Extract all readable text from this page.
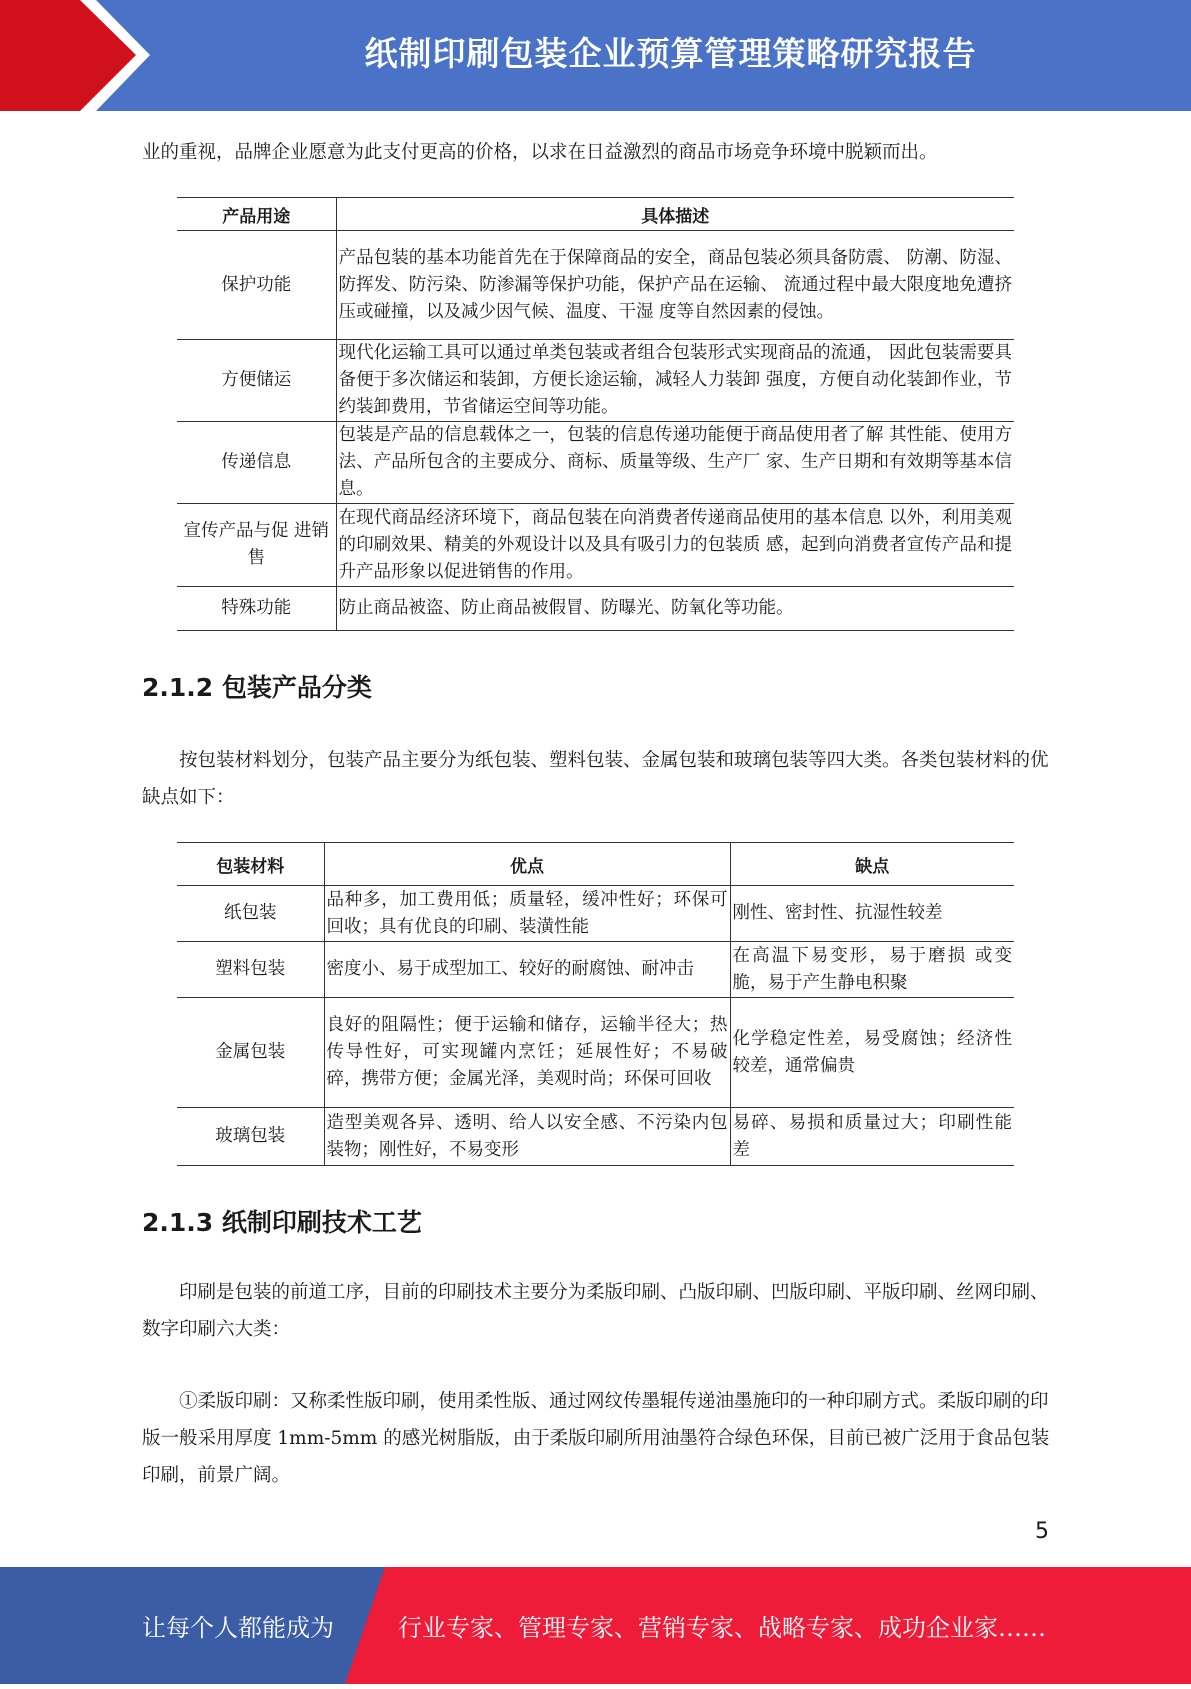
纸制印刷包装企业预算管理策略研究报告

业的重视，品牌企业愿意为此支付更高的价格，以求在日益激烈的商品市场竞争环境中脱颖而出。

产品用途	具体描述
保护功能	产品包装的基本功能首先在于保障商品的安全，商品包装必须具备防震、 防潮、防湿、防挥发、防污染、防渗漏等保护功能，保护产品在运输、 流通过程中最大限度地免遭挤压或碰撞，以及减少因气候、温度、干湿 度等自然因素的侵蚀。
方便储运	现代化运输工具可以通过单类包装或者组合包装形式实现商品的流通， 因此包装需要具备便于多次储运和装卸，方便长途运输，减轻人力装卸 强度，方便自动化装卸作业，节约装卸费用，节省储运空间等功能。
传递信息	包装是产品的信息载体之一，包装的信息传递功能便于商品使用者了解 其性能、使用方法、产品所包含的主要成分、商标、质量等级、生产厂 家、生产日期和有效期等基本信息。
宣传产品与促 进销售	在现代商品经济环境下，商品包装在向消费者传递商品使用的基本信息 以外，利用美观的印刷效果、精美的外观设计以及具有吸引力的包装质 感，起到向消费者宣传产品和提升产品形象以促进销售的作用。
特殊功能	防止商品被盗、防止商品被假冒、防曝光、防氧化等功能。
2.1.2 包装产品分类

按包装材料划分，包装产品主要分为纸包装、塑料包装、金属包装和玻璃包装等四大类。各类包装材料的优缺点如下：

包装材料	优点	缺点
纸包装	品种多，加工费用低；质量轻，缓冲性好；环保可回收；具有优良的印刷、装潢性能	刚性、密封性、抗湿性较差
塑料包装	密度小、易于成型加工、较好的耐腐蚀、耐冲击	在高温下易变形，易于磨损 或变脆，易于产生静电积聚
金属包装	良好的阻隔性；便于运输和储存，运输半径大；热传导性好，可实现罐内烹饪；延展性好；不易破碎，携带方便；金属光泽，美观时尚；环保可回收	化学稳定性差，易受腐蚀；经济性较差，通常偏贵
玻璃包装	造型美观各异、透明、给人以安全感、不污染内包装物；刚性好，不易变形	易碎、易损和质量过大；印刷性能差
2.1.3 纸制印刷技术工艺

印刷是包装的前道工序，目前的印刷技术主要分为柔版印刷、凸版印刷、凹版印刷、平版印刷、丝网印刷、数字印刷六大类：

①柔版印刷：又称柔性版印刷，使用柔性版、通过网纹传墨辊传递油墨施印的一种印刷方式。柔版印刷的印版一般采用厚度 1mm-5mm 的感光树脂版，由于柔版印刷所用油墨符合绿色环保，目前已被广泛用于食品包装印刷，前景广阔。

5
让每个人都能成为	行业专家、管理专家、营销专家、战略专家、成功企业家……
